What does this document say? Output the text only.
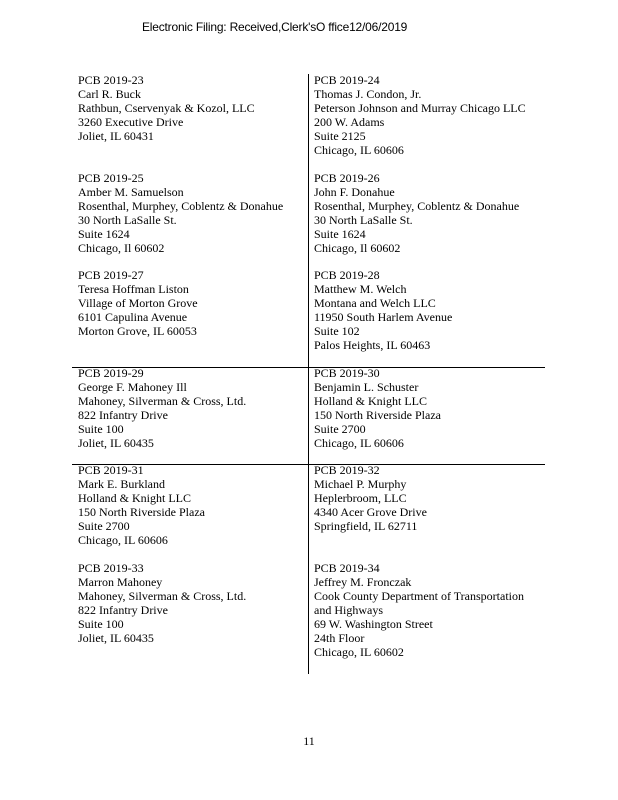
Electronic Filing: Received,Clerk'sO ffice12/06/2019
PCB 2019-23
Carl R. Buck
Rathbun, Cservenyak & Kozol, LLC
3260 Executive Drive
Joliet, IL 60431
PCB 2019-24
Thomas J. Condon, Jr.
Peterson Johnson and Murray Chicago LLC
200 W. Adams
Suite 2125
Chicago, IL 60606
PCB 2019-25
Amber M. Samuelson
Rosenthal, Murphey, Coblentz & Donahue
30 North LaSalle St.
Suite 1624
Chicago, Il 60602
PCB 2019-26
John F. Donahue
Rosenthal, Murphey, Coblentz & Donahue
30 North LaSalle St.
Suite 1624
Chicago, Il 60602
PCB 2019-27
Teresa Hoffman Liston
Village of Morton Grove
6101 Capulina Avenue
Morton Grove, IL 60053
PCB 2019-28
Matthew M. Welch
Montana and Welch LLC
11950 South Harlem Avenue
Suite 102
Palos Heights, IL 60463
PCB 2019-29
George F. Mahoney Ill
Mahoney, Silverman & Cross, Ltd.
822 Infantry Drive
Suite 100
Joliet, IL 60435
PCB 2019-30
Benjamin L. Schuster
Holland & Knight LLC
150 North Riverside Plaza
Suite 2700
Chicago, IL 60606
PCB 2019-31
Mark E. Burkland
Holland & Knight LLC
150 North Riverside Plaza
Suite 2700
Chicago, IL 60606
PCB 2019-32
Michael P. Murphy
Heplerbroom, LLC
4340 Acer Grove Drive
Springfield, IL 62711
PCB 2019-33
Marron Mahoney
Mahoney, Silverman & Cross, Ltd.
822 Infantry Drive
Suite 100
Joliet, IL 60435
PCB 2019-34
Jeffrey M. Fronczak
Cook County Department of Transportation
and Highways
69 W. Washington Street
24th Floor
Chicago, IL 60602
11
